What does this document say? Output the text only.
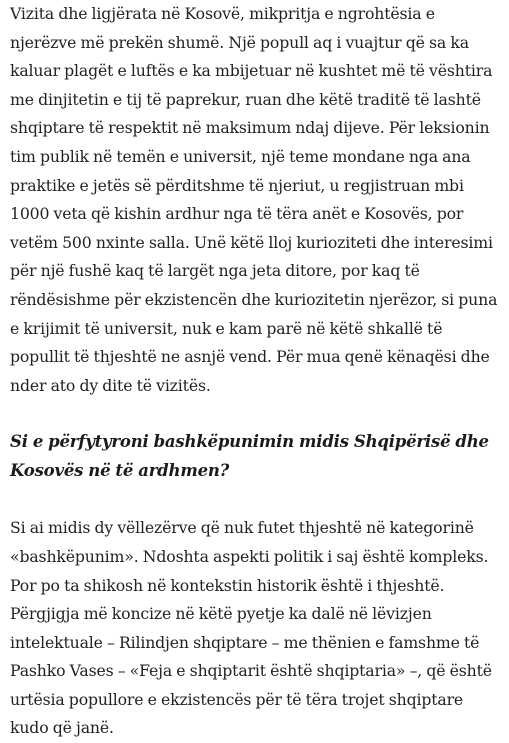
Vizita dhe ligjërata në Kosovë, mikpritja e ngrohtësia e njerëzve më prekën shumë. Një popull aq i vuajtur që sa ka kaluar plagët e luftës e ka mbijetuar në kushtet më të vështira me dinjitetin e tij të paprekur, ruan dhe këtë traditë të lashtë shqiptare të respektit në maksimum ndaj dijeve. Për leksionin tim publik në temën e universit, një teme mondane nga ana praktike e jetës së përditshme të njeriut, u regjistruan mbi 1000 veta që kishin ardhur nga të tëra anët e Kosovës, por vetëm 500 nxinte salla. Unë këtë lloj kurioziteti dhe interesimi për një fushë kaq të largët nga jeta ditore, por kaq të rëndësishme për ekzistencën dhe kuriozitetin njerëzor, si puna e krijimit të universit, nuk e kam parë në këtë shkallë të popullit të thjeshtë ne asnjë vend. Për mua qenë kënaqësi dhe nder ato dy dite të vizitës.

Si e përfytyroni bashkëpunimin midis Shqipërisë dhe Kosovës në të ardhmen?

Si ai midis dy vëllezërve që nuk futet thjeshtë në kategorinë «bashkëpunim». Ndoshta aspekti politik i saj është kompleks. Por po ta shikosh në kontekstin historik është i thjeshtë. Përgjigja më koncize në këtë pyetje ka dalë në lëvizjen intelektuale – Rilindjen shqiptare – me thënien e famshme të Pashko Vases – «Feja e shqiptarit është shqiptaria» –, që është urtësia popullore e ekzistencës për të tëra trojet shqiptare kudo që janë.
